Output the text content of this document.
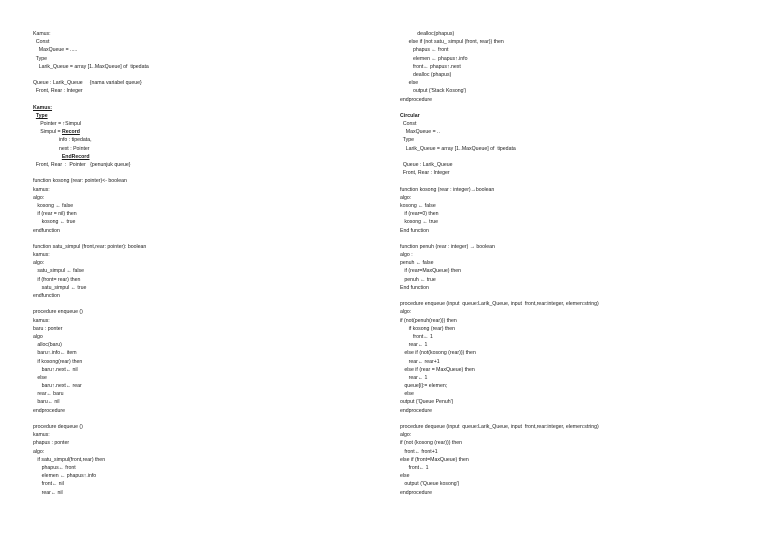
Kamus:
Const
MaxQueue = .....
Type
Larik_Queue = array [1..MaxQueue] of  tipedata
Queue : Larik_Queue     {nama variabel queue}
Front, Rear : Integer
Kamus:
Type
Pointer = ↑Simpul
Simpul = Record
info : tipedata,
next : Pointer
EndRecord
Front, Rear  :  Pointer   {penunjuk queue}
function kosong (rear: pointer)<- boolean
kamus:
algo:
kosong ← false
if (rear = nil) then
kosong ← true
endfunction
function satu_simpul (front,rear: pointer): boolean
kamus:
algo:
satu_simpul ← false
if (front= rear) then
satu_simpul ← true
endfunction
procedure enqueue ()
kamus:
baru : ponter
algo
alloc(baru)
baru↑.info← item
if kosong(rear) then
baru↑.next← nil
else
baru↑.next← rear
rear← baru
baru← nil
endprocedure
procedure dequeue ()
kamus:
phapus : ponter
algo:
if satu_simpul(front,rear) then
phapus← front
elemen ← phapus↑.info
front← nil
rear← nil
dealloc(phapus)
else if (not satu_ simpul (front, rear)) then
phapus ← front
elemen ← phapus↑.info
front← phapus↑.next
dealloc (phapus)
else
output ('Stack Kosong')
endprocedure
Circular
Const
MaxQueue = ..
Type
Larik_Queue = array [1..MaxQueue] of  tipedata
Queue : Larik_Queue
Front, Rear : Integer
function kosong (rear : integer)→boolean
algo:
kosong ← false
if (rear=0) then
kosong ← true
End function
function penuh (rear : integer) → boolean
algo :
penuh ← false
if (rear=MaxQueue) then
penuh ← true
End function
procedure enqueue (input  queue:Larik_Queue, input  front,rear:integer, elemen:string)
algo:
if (not(penuh(rear))) then
if kosong (rear) then
front← 1
rear← 1
else if (not(kosong (rear))) then
rear← rear+1
else if (rear = MaxQueue) then
rear← 1
queue[i]:= elemen;
else
output ('Queue Penuh')
endprocedure
procedure dequeue (input  queue:Larik_Queue, input  front,rear:integer, elemen:string)
algo:
if (not (kosong (rear))) then
front← front+1
else if (front=MaxQueue) then
front← 1
else
output ('Queue kosong')
endprocedure
